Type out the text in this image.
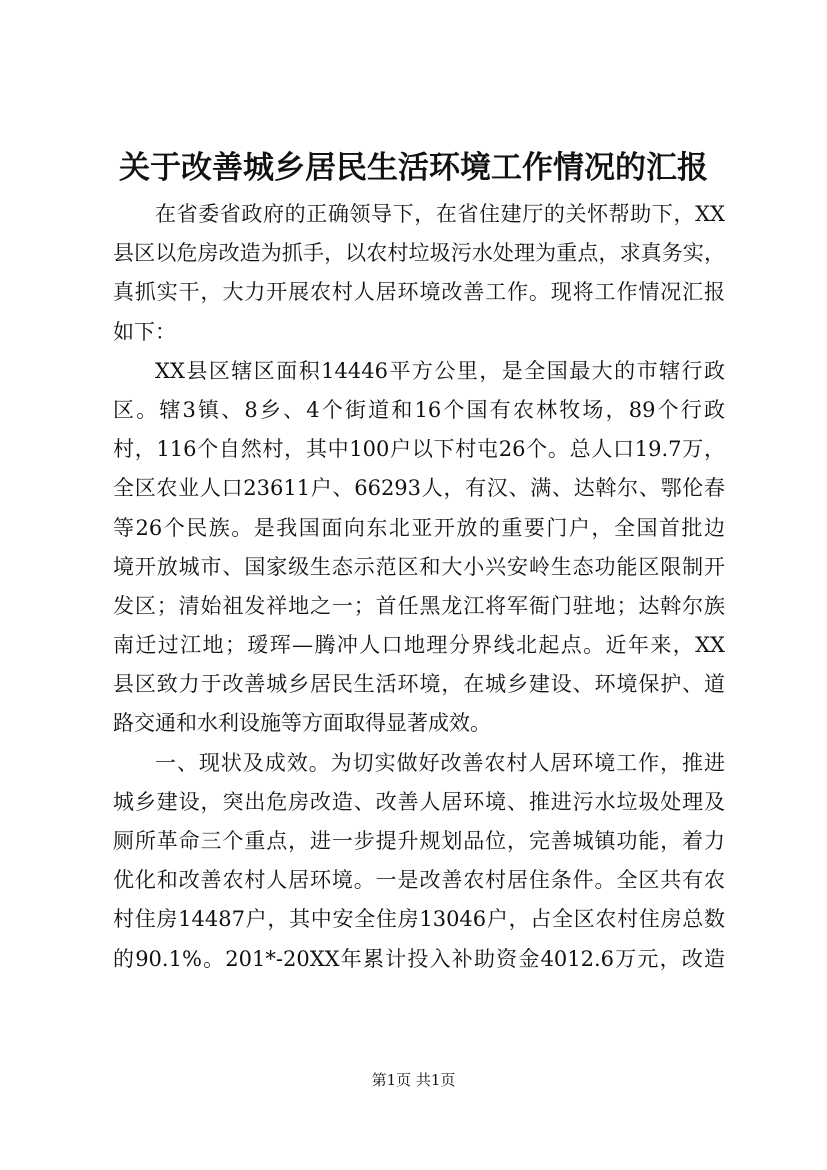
关于改善城乡居民生活环境工作情况的汇报
在省委省政府的正确领导下，在省住建厅的关怀帮助下，XX
县区以危房改造为抓手，以农村垃圾污水处理为重点，求真务实，
真抓实干，大力开展农村人居环境改善工作。现将工作情况汇报
如下：
XX县区辖区面积14446平方公里，是全国最大的市辖行政
区。辖3镇、8乡、4个街道和16个国有农林牧场，89个行政
村，116个自然村，其中100户以下村屯26个。总人口19.7万，
全区农业人口23611户、66293人，有汉、满、达斡尔、鄂伦春
等26个民族。是我国面向东北亚开放的重要门户，全国首批边
境开放城市、国家级生态示范区和大小兴安岭生态功能区限制开
发区；清始祖发祥地之一；首任黑龙江将军衙门驻地；达斡尔族
南迁过江地；瑷珲—腾冲人口地理分界线北起点。近年来，XX
县区致力于改善城乡居民生活环境，在城乡建设、环境保护、道
路交通和水利设施等方面取得显著成效。
一、现状及成效。为切实做好改善农村人居环境工作，推进
城乡建设，突出危房改造、改善人居环境、推进污水垃圾处理及
厕所革命三个重点，进一步提升规划品位，完善城镇功能，着力
优化和改善农村人居环境。一是改善农村居住条件。全区共有农
村住房14487户，其中安全住房13046户，占全区农村住房总数
的90.1%。201*-20XX年累计投入补助资金4012.6万元，改造
第1页 共1页
